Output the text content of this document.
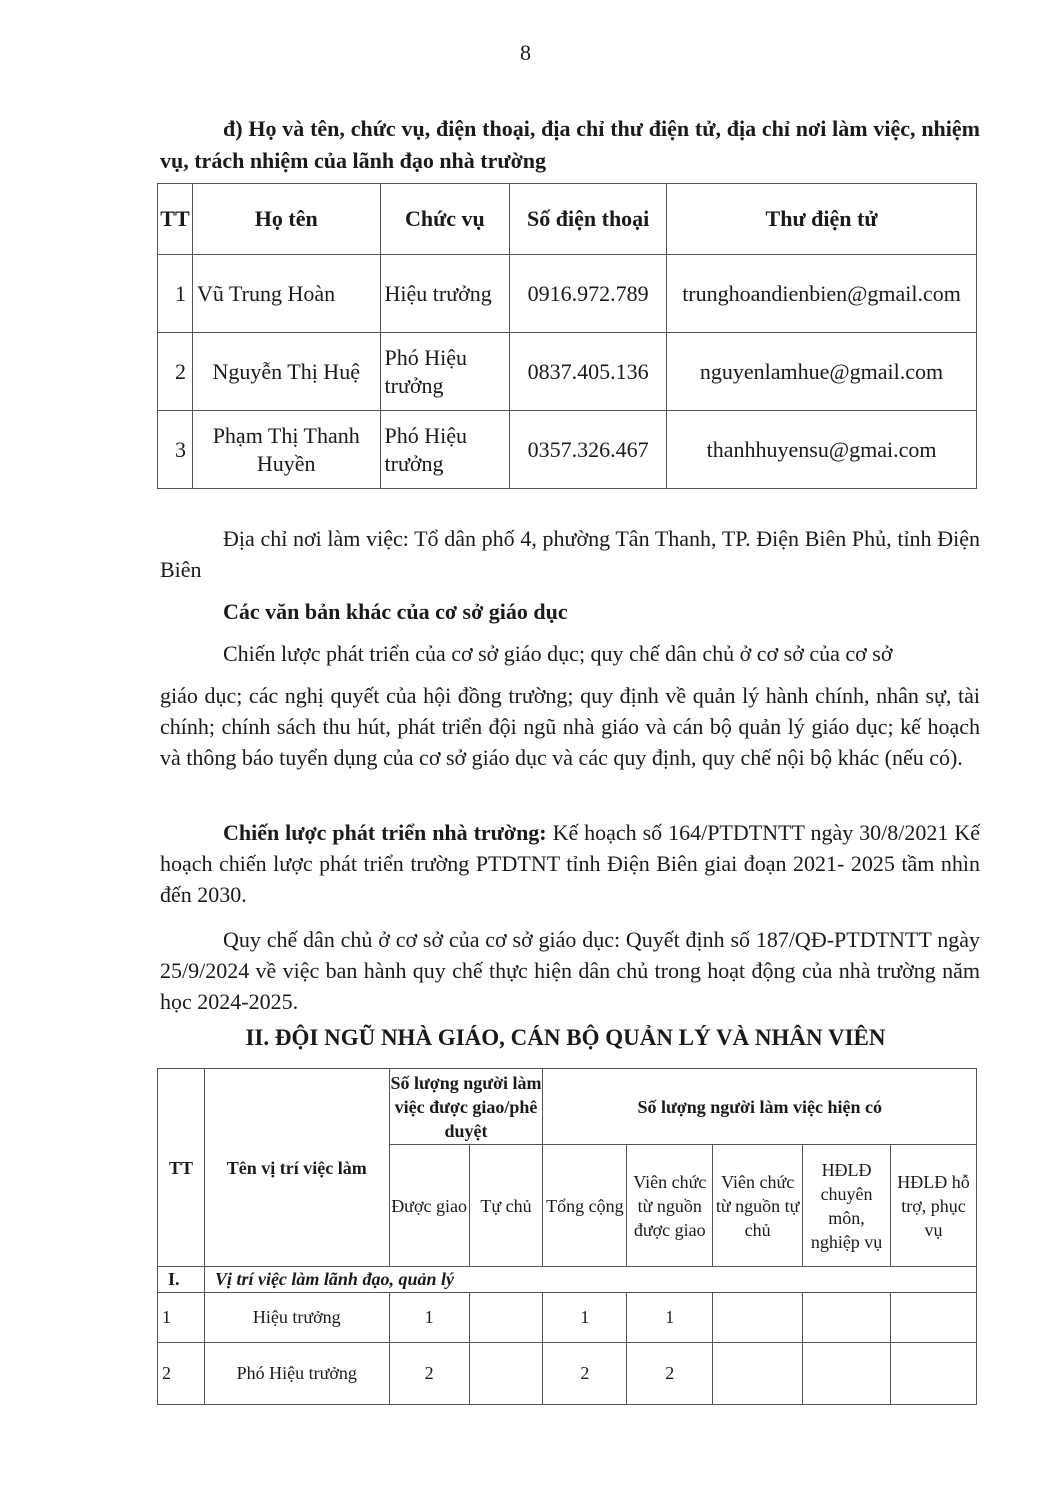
8
đ) Họ và tên, chức vụ, điện thoại, địa chỉ thư điện tử, địa chỉ nơi làm việc, nhiệm vụ, trách nhiệm của lãnh đạo nhà trường
TT	Họ tên	Chức vụ	Số điện thoại	Thư điện tử
1	Vũ Trung Hoàn	Hiệu trưởng	0916.972.789	trunghoandienbien@gmail.com
2	Nguyễn Thị Huệ	Phó Hiệu trưởng	0837.405.136	nguyenlamhue@gmail.com
3	Phạm Thị Thanh Huyền	Phó Hiệu trưởng	0357.326.467	thanhhuyensu@gmai.com
Địa chỉ nơi làm việc: Tổ dân phố 4, phường Tân Thanh, TP. Điện Biên Phủ, tỉnh Điện Biên
Các văn bản khác của cơ sở giáo dục
Chiến lược phát triển của cơ sở giáo dục; quy chế dân chủ ở cơ sở của cơ sở
giáo dục; các nghị quyết của hội đồng trường; quy định về quản lý hành chính, nhân sự, tài chính; chính sách thu hút, phát triển đội ngũ nhà giáo và cán bộ quản lý giáo dục; kế hoạch và thông báo tuyển dụng của cơ sở giáo dục và các quy định, quy chế nội bộ khác (nếu có).
Chiến lược phát triển nhà trường: Kế hoạch số 164/PTDTNTT ngày 30/8/2021 Kế hoạch chiến lược phát triển trường PTDTNT tỉnh Điện Biên giai đoạn 2021- 2025 tầm nhìn đến 2030.
Quy chế dân chủ ở cơ sở của cơ sở giáo dục: Quyết định số 187/QĐ-PTDTNTT ngày 25/9/2024 về việc ban hành quy chế thực hiện dân chủ trong hoạt động của nhà trường năm học 2024-2025.
II. ĐỘI NGŨ NHÀ GIÁO, CÁN BỘ QUẢN LÝ VÀ NHÂN VIÊN
TT	Tên vị trí việc làm	Số lượng người làm việc được giao/phê duyệt		Số lượng người làm việc hiện có				
		Được giao	Tự chủ	Tổng cộng	Viên chức từ nguồn được giao	Viên chức từ nguồn tự chủ	HĐLĐ chuyên môn, nghiệp vụ	HĐLĐ hỗ trợ, phục vụ
I.	Vị trí việc làm lãnh đạo, quản lý							
1	Hiệu trưởng	1		1	1			
2	Phó Hiệu trưởng	2		2	2			
